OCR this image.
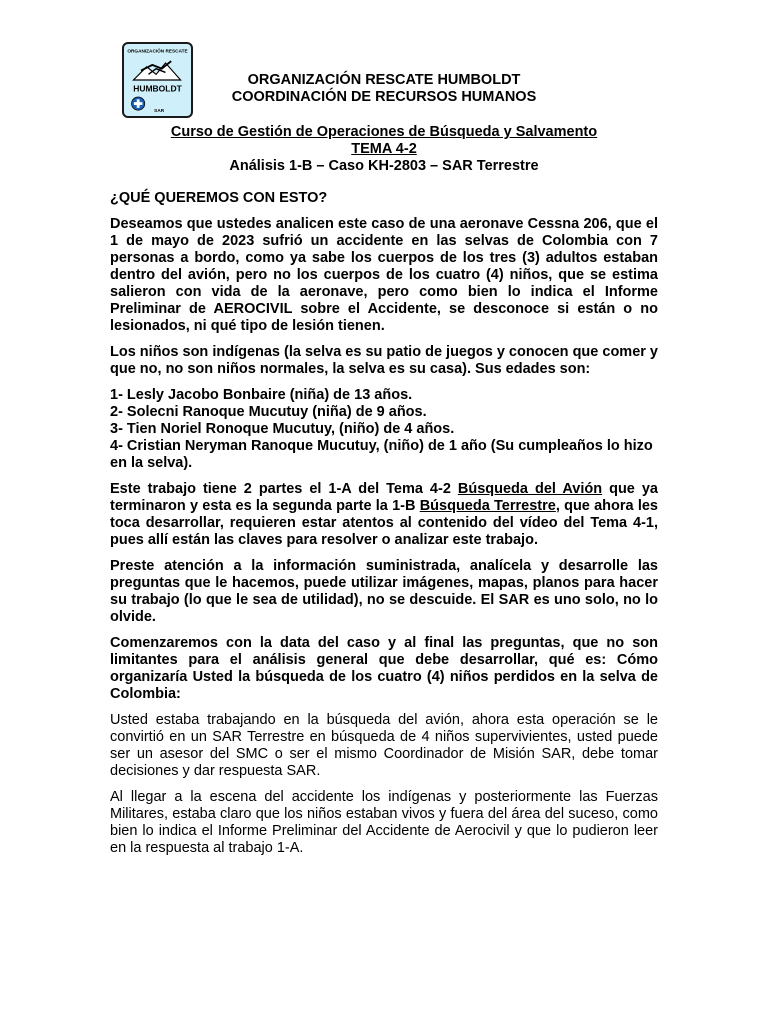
ORGANIZACIÓN RESCATE
HUMBOLDT
SAR
ORGANIZACIÓN RESCATE HUMBOLDT
COORDINACIÓN DE RECURSOS HUMANOS
Curso de Gestión de Operaciones de Búsqueda y Salvamento
TEMA 4-2
Análisis 1-B – Caso KH-2803 – SAR Terrestre

¿QUÉ QUEREMOS CON ESTO?

Deseamos que ustedes analicen este caso de una aeronave Cessna 206, que el 1 de mayo de 2023 sufrió un accidente en las selvas de Colombia con 7 personas a bordo, como ya sabe los cuerpos de los tres (3) adultos estaban dentro del avión, pero no los cuerpos de los cuatro (4) niños, que se estima salieron con vida de la aeronave, pero como bien lo indica el Informe Preliminar de AEROCIVIL sobre el Accidente, se desconoce si están o no lesionados, ni qué tipo de lesión tienen.

Los niños son indígenas (la selva es su patio de juegos y conocen que comer y que no, no son niños normales, la selva es su casa). Sus edades son:

1- Lesly Jacobo Bonbaire (niña) de 13 años.
2- Solecni Ranoque Mucutuy (niña) de 9 años.
3- Tien Noriel Ronoque Mucutuy, (niño) de 4 años.
4- Cristian Neryman Ranoque Mucutuy, (niño) de 1 año (Su cumpleaños lo hizo en la selva).

Este trabajo tiene 2 partes el 1-A del Tema 4-2 Búsqueda del Avión que ya terminaron y esta es la segunda parte la 1-B Búsqueda Terrestre, que ahora les toca desarrollar, requieren estar atentos al contenido del vídeo del Tema 4-1, pues allí están las claves para resolver o analizar este trabajo.

Preste atención a la información suministrada, analícela y desarrolle las preguntas que le hacemos, puede utilizar imágenes, mapas, planos para hacer su trabajo (lo que le sea de utilidad), no se descuide. El SAR es uno solo, no lo olvide.

Comenzaremos con la data del caso y al final las preguntas, que no son limitantes para el análisis general que debe desarrollar, qué es: Cómo organizaría Usted la búsqueda de los cuatro (4) niños perdidos en la selva de Colombia:

Usted estaba trabajando en la búsqueda del avión, ahora esta operación se le convirtió en un SAR Terrestre en búsqueda de 4 niños supervivientes, usted puede ser un asesor del SMC o ser el mismo Coordinador de Misión SAR, debe tomar decisiones y dar respuesta SAR.

Al llegar a la escena del accidente los indígenas y posteriormente las Fuerzas Militares, estaba claro que los niños estaban vivos y fuera del área del suceso, como bien lo indica el Informe Preliminar del Accidente de Aerocivil y que lo pudieron leer en la respuesta al trabajo 1-A.
